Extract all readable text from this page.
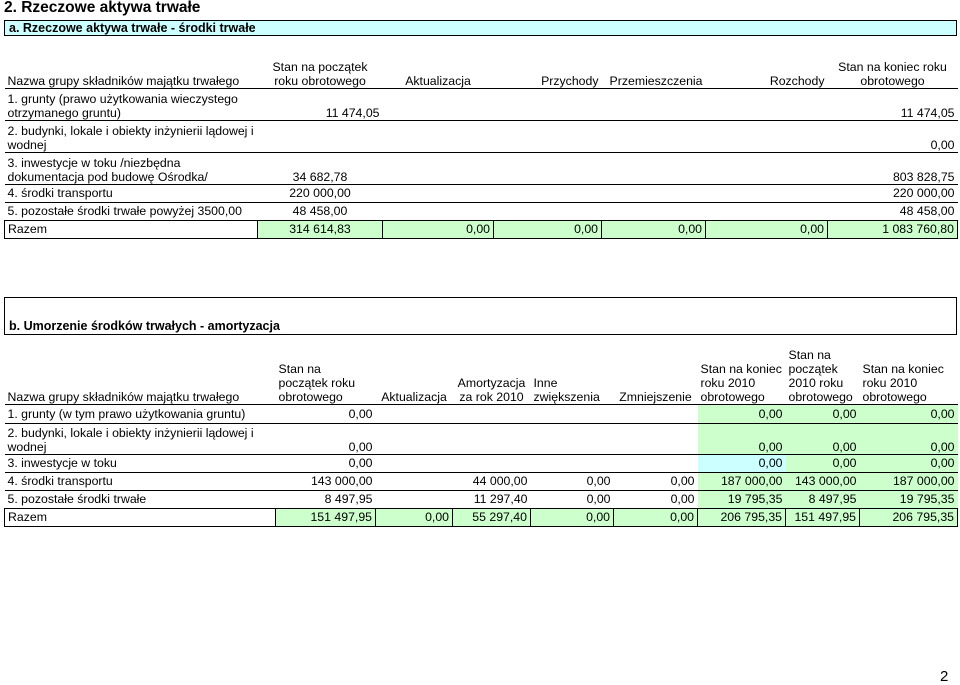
2. Rzeczowe aktywa trwałe
a. Rzeczowe aktywa trwałe - środki trwałe
Nazwa grupy składników majątku trwałego	Stan na początek roku obrotowego	Aktualizacja	Przychody	Przemieszczenia	Rozchody	Stan na koniec roku obrotowego
1. grunty (prawo użytkowania wieczystego otrzymanego gruntu)	11 474,05					11 474,05
2. budynki, lokale i obiekty inżynierii lądowej i wodnej						0,00
3. inwestycje w toku /niezbędna dokumentacja pod budowę Ośrodka/	34 682,78					803 828,75
4. środki transportu	220 000,00					220 000,00
5. pozostałe środki trwałe powyżej 3500,00	48 458,00					48 458,00
Razem	314 614,83	0,00	0,00	0,00	0,00	1 083 760,80
b. Umorzenie środków trwałych - amortyzacja
Nazwa grupy składników majątku trwałego	Stan na początek roku obrotowego	Aktualizacja	Amortyzacja za rok 2010	Inne zwiększenia	Zmniejszenie	Stan na koniec roku 2010 obrotowego	Stan na początek 2010 roku obrotowego	Stan na koniec roku 2010 obrotowego
1. grunty (w tym prawo użytkowania gruntu)	0,00					0,00	0,00	0,00
2. budynki, lokale i obiekty inżynierii lądowej i wodnej	0,00					0,00	0,00	0,00
3. inwestycje w toku	0,00					0,00	0,00	0,00
4. środki transportu	143 000,00		44 000,00	0,00	0,00	187 000,00	143 000,00	187 000,00
5. pozostałe środki trwałe	8 497,95		11 297,40	0,00	0,00	19 795,35	8 497,95	19 795,35
Razem	151 497,95	0,00	55 297,40	0,00	0,00	206 795,35	151 497,95	206 795,35
2
